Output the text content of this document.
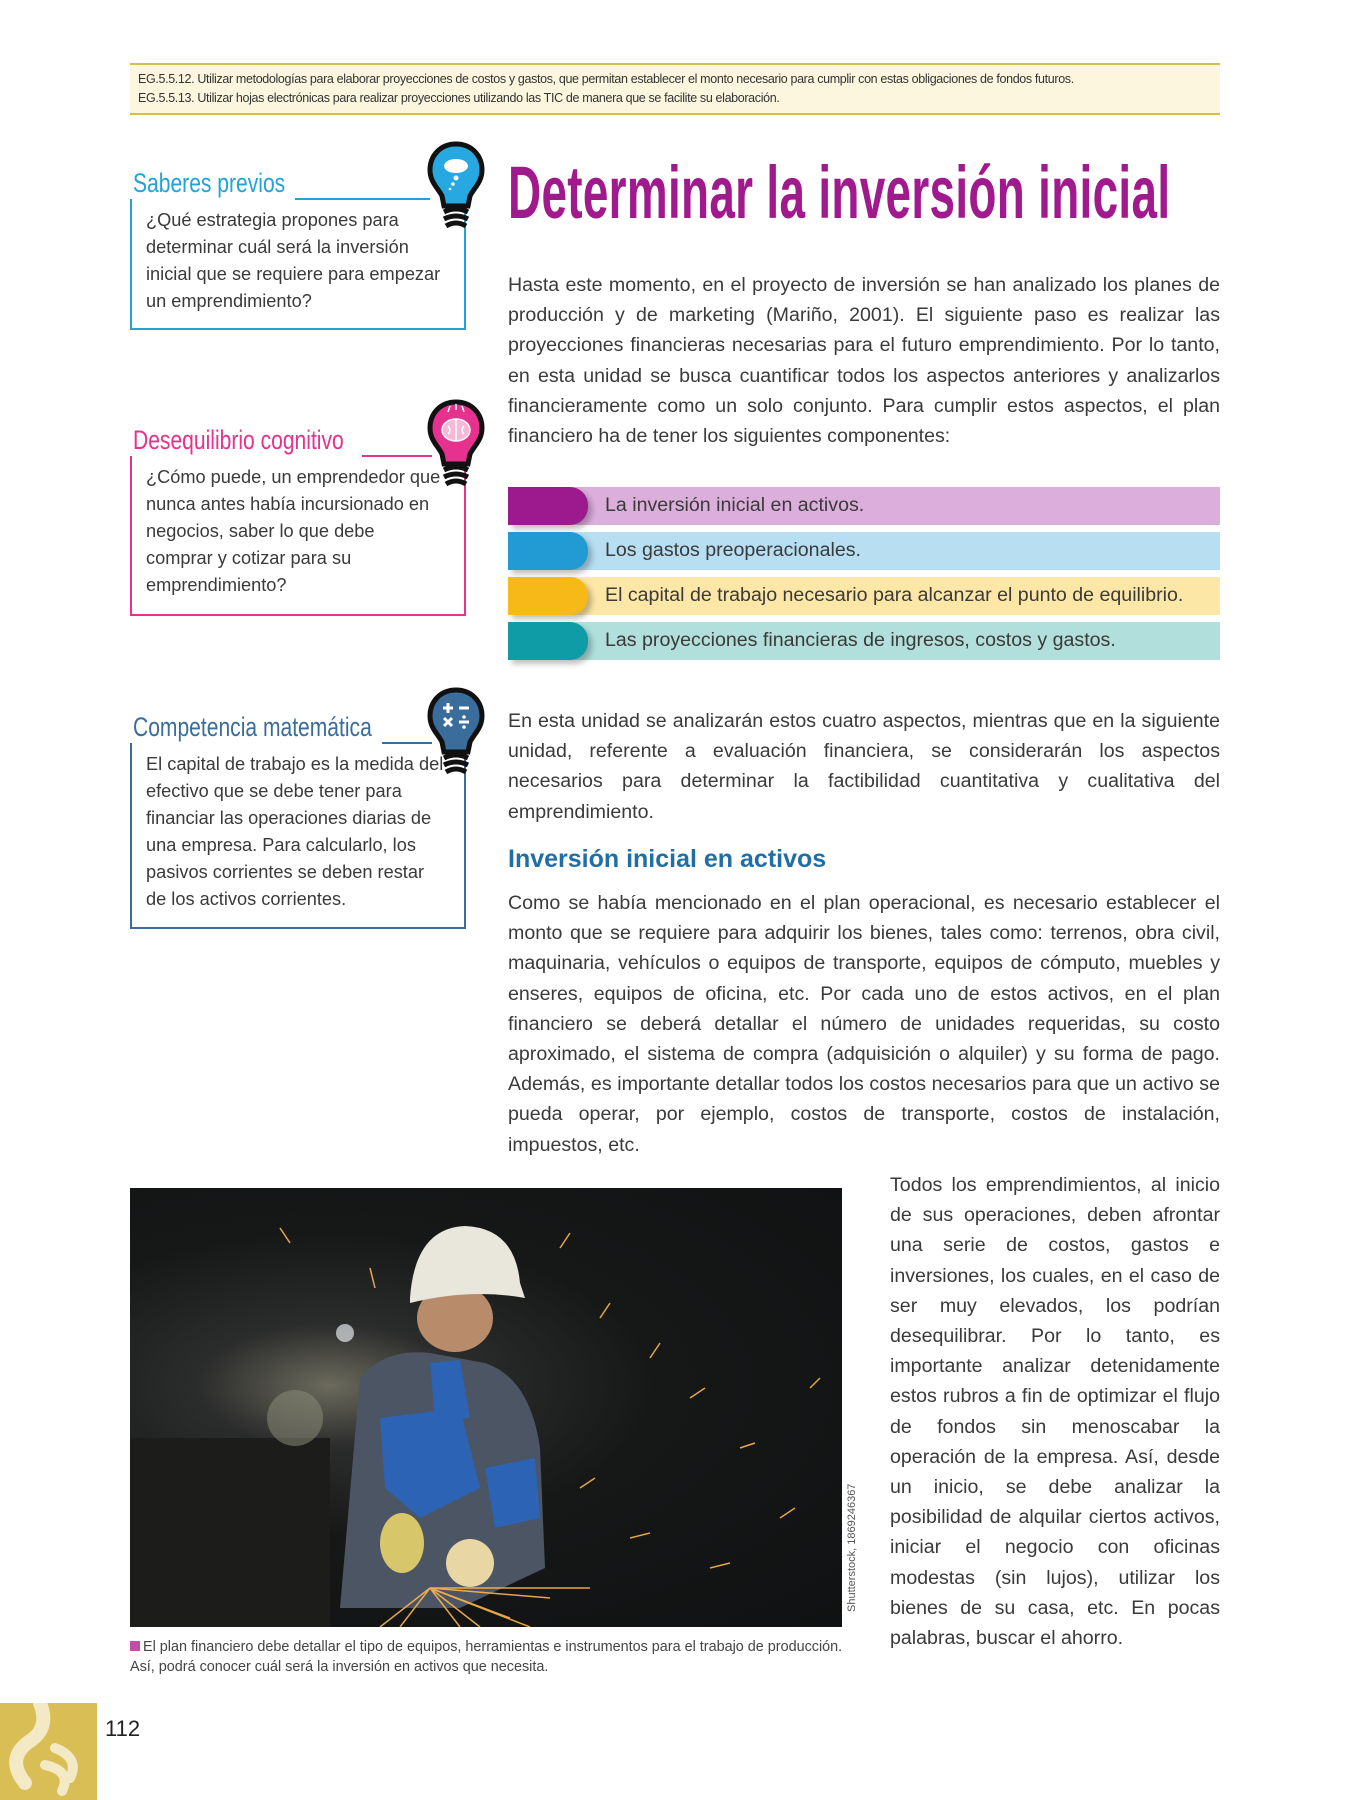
EG.5.5.12. Utilizar metodologías para elaborar proyecciones de costos y gastos, que permitan establecer el monto necesario para cumplir con estas obligaciones de fondos futuros.
EG.5.5.13. Utilizar hojas electrónicas para realizar proyecciones utilizando las TIC de manera que se facilite su elaboración.
Saberes previos
¿Qué estrategia propones para determinar cuál será la inversión inicial que se requiere para empezar un emprendimiento?
Desequilibrio cognitivo
¿Cómo puede, un emprendedor que nunca antes había incursionado en negocios, saber lo que debe comprar y cotizar para su emprendimiento?
Competencia matemática
El capital de trabajo es la medida del efectivo que se debe tener para financiar las operaciones diarias de una empresa. Para calcularlo, los pasivos corrientes se deben restar de los activos corrientes.
Determinar la inversión inicial
Hasta este momento, en el proyecto de inversión se han analizado los planes de producción y de marketing (Mariño, 2001). El siguiente paso es realizar las proyecciones financieras necesarias para el futuro emprendimiento. Por lo tanto, en esta unidad se busca cuantificar todos los aspectos anteriores y analizarlos financieramente como un solo conjunto. Para cumplir estos aspectos, el plan financiero ha de tener los siguientes componentes:
La inversión inicial en activos.
Los gastos preoperacionales.
El capital de trabajo necesario para alcanzar el punto de equilibrio.
Las proyecciones financieras de ingresos, costos y gastos.
En esta unidad se analizarán estos cuatro aspectos, mientras que en la siguiente unidad, referente a evaluación financiera, se considerarán los aspectos necesarios para determinar la factibilidad cuantitativa y cualitativa del emprendimiento.
Inversión inicial en activos
Como se había mencionado en el plan operacional, es necesario establecer el monto que se requiere para adquirir los bienes, tales como: terrenos, obra civil, maquinaria, vehículos o equipos de transporte, equipos de cómputo, muebles y enseres, equipos de oficina, etc. Por cada uno de estos activos, en el plan financiero se deberá detallar el número de unidades requeridas, su costo aproximado, el sistema de compra (adquisición o alquiler) y su forma de pago. Además, es importante detallar todos los costos necesarios para que un activo se pueda operar, por ejemplo, costos de transporte, costos de instalación, impuestos, etc.
Shutterstock, 1869246367
Todos los emprendimientos, al inicio de sus operaciones, deben afrontar una serie de costos, gastos e inversiones, los cuales, en el caso de ser muy elevados, los podrían desequilibrar. Por lo tanto, es importante analizar detenidamente estos rubros a fin de optimizar el flujo de fondos sin menoscabar la operación de la empresa. Así, desde un inicio, se debe analizar la posibilidad de alquilar ciertos activos, iniciar el negocio con oficinas modestas (sin lujos), utilizar los bienes de su casa, etc. En pocas palabras, buscar el ahorro.
El plan financiero debe detallar el tipo de equipos, herramientas e instrumentos para el trabajo de producción. Así, podrá conocer cuál será la inversión en activos que necesita.
112
